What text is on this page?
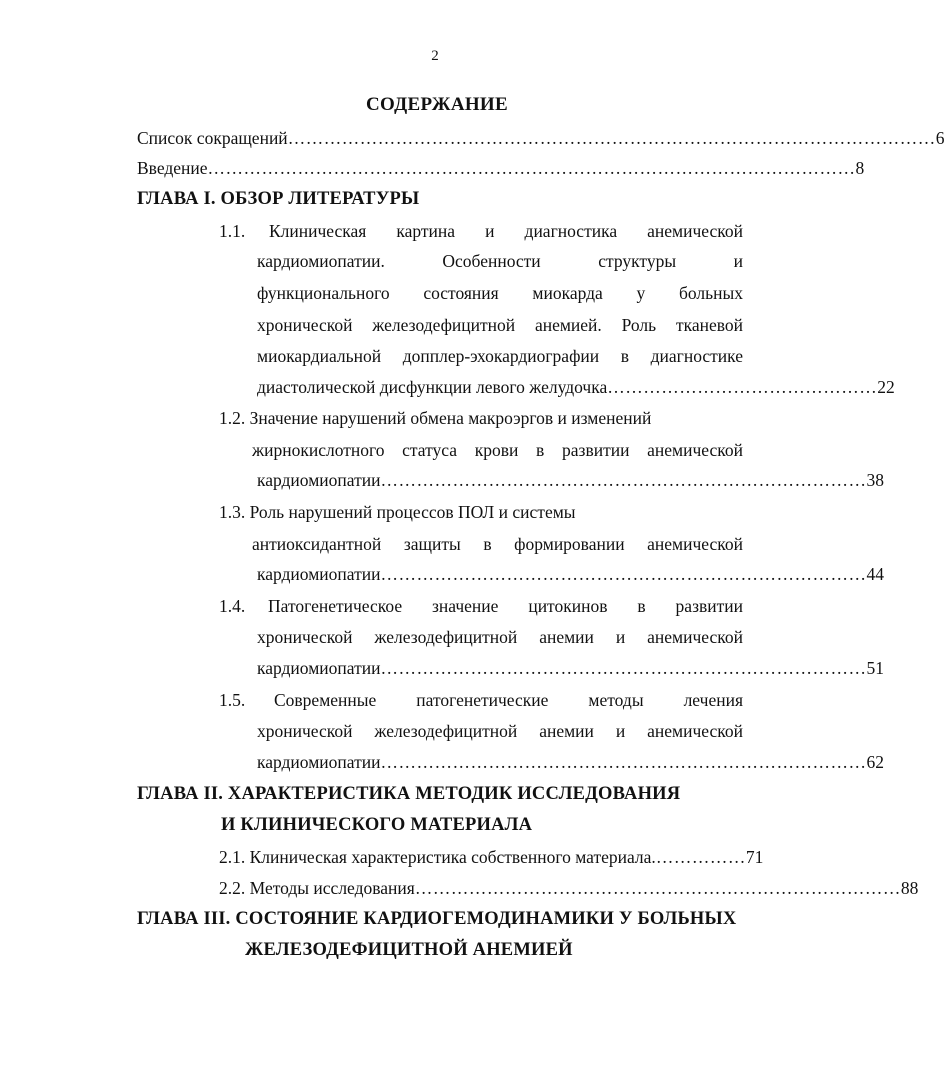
2
СОДЕРЖАНИЕ
Список сокращений ……………………………………………………………………………………………… 6
Введение ……………………………………………………………………………………………… 8
ГЛАВА I. ОБЗОР ЛИТЕРАТУРЫ
1.1. Клиническая картина и диагностика анемической
кардиомиопатии. Особенности структуры и
функционального состояния миокарда у больных
хронической железодефицитной анемией. Роль тканевой
миокардиальной допплер-эхокардиографии в диагностике
диастолической дисфункции левого желудочка ……………………………………… 22
1.2. Значение нарушений обмена макроэргов и изменений
жирнокислотного статуса крови в развитии анемической
кардиомиопатии ……………………………………………………………………… 38
1.3. Роль нарушений процессов ПОЛ и системы
антиоксидантной защиты в формировании анемической
кардиомиопатии ……………………………………………………………………… 44
1.4. Патогенетическое значение цитокинов в развитии
хронической железодефицитной анемии и анемической
кардиомиопатии ……………………………………………………………………… 51
1.5. Современные патогенетические методы лечения
хронической железодефицитной анемии и анемической
кардиомиопатии ……………………………………………………………………… 62
ГЛАВА II. ХАРАКТЕРИСТИКА МЕТОДИК ИССЛЕДОВАНИЯ
И КЛИНИЧЕСКОГО МАТЕРИАЛА
2.1. Клиническая характеристика собственного материала. …………… 71
2.2. Методы исследования ……………………………………………………………………… 88
ГЛАВА III. СОСТОЯНИЕ КАРДИОГЕМОДИНАМИКИ У БОЛЬНЫХ
ЖЕЛЕЗОДЕФИЦИТНОЙ АНЕМИЕЙ
